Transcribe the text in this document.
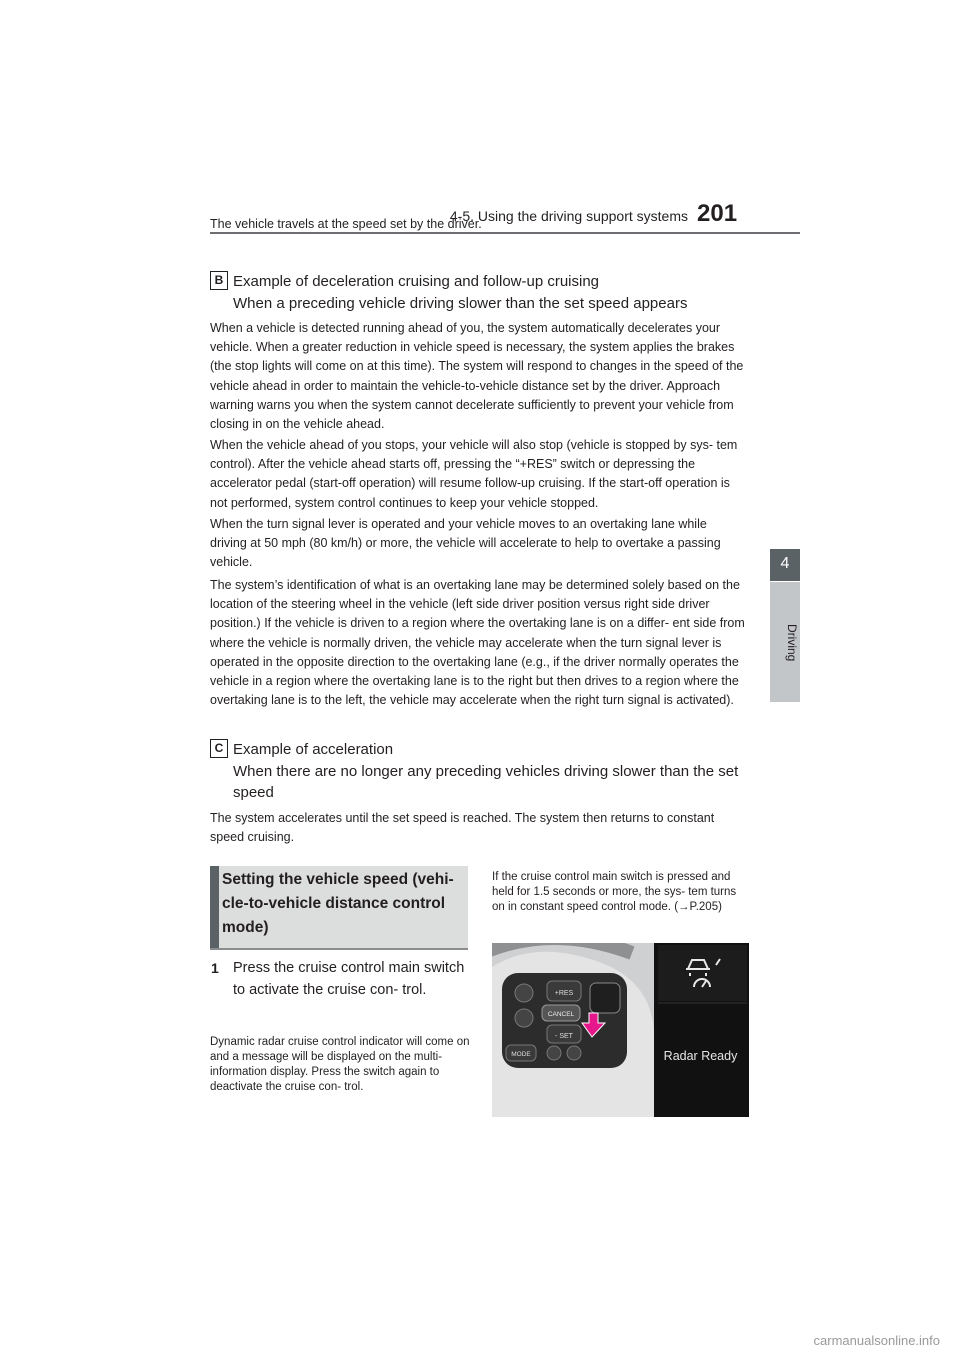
4-5. Using the driving support systems 201
4
Driving

The vehicle travels at the speed set by the driver.

B Example of deceleration cruising and follow-up cruising
When a preceding vehicle driving slower than the set speed appears

When a vehicle is detected running ahead of you, the system automatically decelerates your vehicle. When a greater reduction in vehicle speed is necessary, the system applies the brakes (the stop lights will come on at this time). The system will respond to changes in the speed of the vehicle ahead in order to maintain the vehicle-to-vehicle distance set by the driver. Approach warning warns you when the system cannot decelerate sufficiently to prevent your vehicle from closing in on the vehicle ahead.

When the vehicle ahead of you stops, your vehicle will also stop (vehicle is stopped by sys- tem control). After the vehicle ahead starts off, pressing the “+RES” switch or depressing the accelerator pedal (start-off operation) will resume follow-up cruising. If the start-off operation is not performed, system control continues to keep your vehicle stopped.

When the turn signal lever is operated and your vehicle moves to an overtaking lane while driving at 50 mph (80 km/h) or more, the vehicle will accelerate to help to overtake a passing vehicle.

The system’s identification of what is an overtaking lane may be determined solely based on the location of the steering wheel in the vehicle (left side driver position versus right side driver position.) If the vehicle is driven to a region where the overtaking lane is on a differ- ent side from where the vehicle is normally driven, the vehicle may accelerate when the turn signal lever is operated in the opposite direction to the overtaking lane (e.g., if the driver normally operates the vehicle in a region where the overtaking lane is to the right but then drives to a region where the overtaking lane is to the left, the vehicle may accelerate when the right turn signal is activated).

C Example of acceleration
When there are no longer any preceding vehicles driving slower than the set speed

The system accelerates until the set speed is reached. The system then returns to constant speed cruising.

Setting the vehicle speed (vehi- cle-to-vehicle distance control mode)
1 Press the cruise control main switch to activate the cruise con- trol.

Dynamic radar cruise control indicator will come on and a message will be displayed on the multi-information display. Press the switch again to deactivate the cruise con- trol.

If the cruise control main switch is pressed and held for 1.5 seconds or more, the sys- tem turns on in constant speed control mode. (→P.205)

+RES
CANCEL
- SET
MODE	Radar Ready
carmanualsonline.info
